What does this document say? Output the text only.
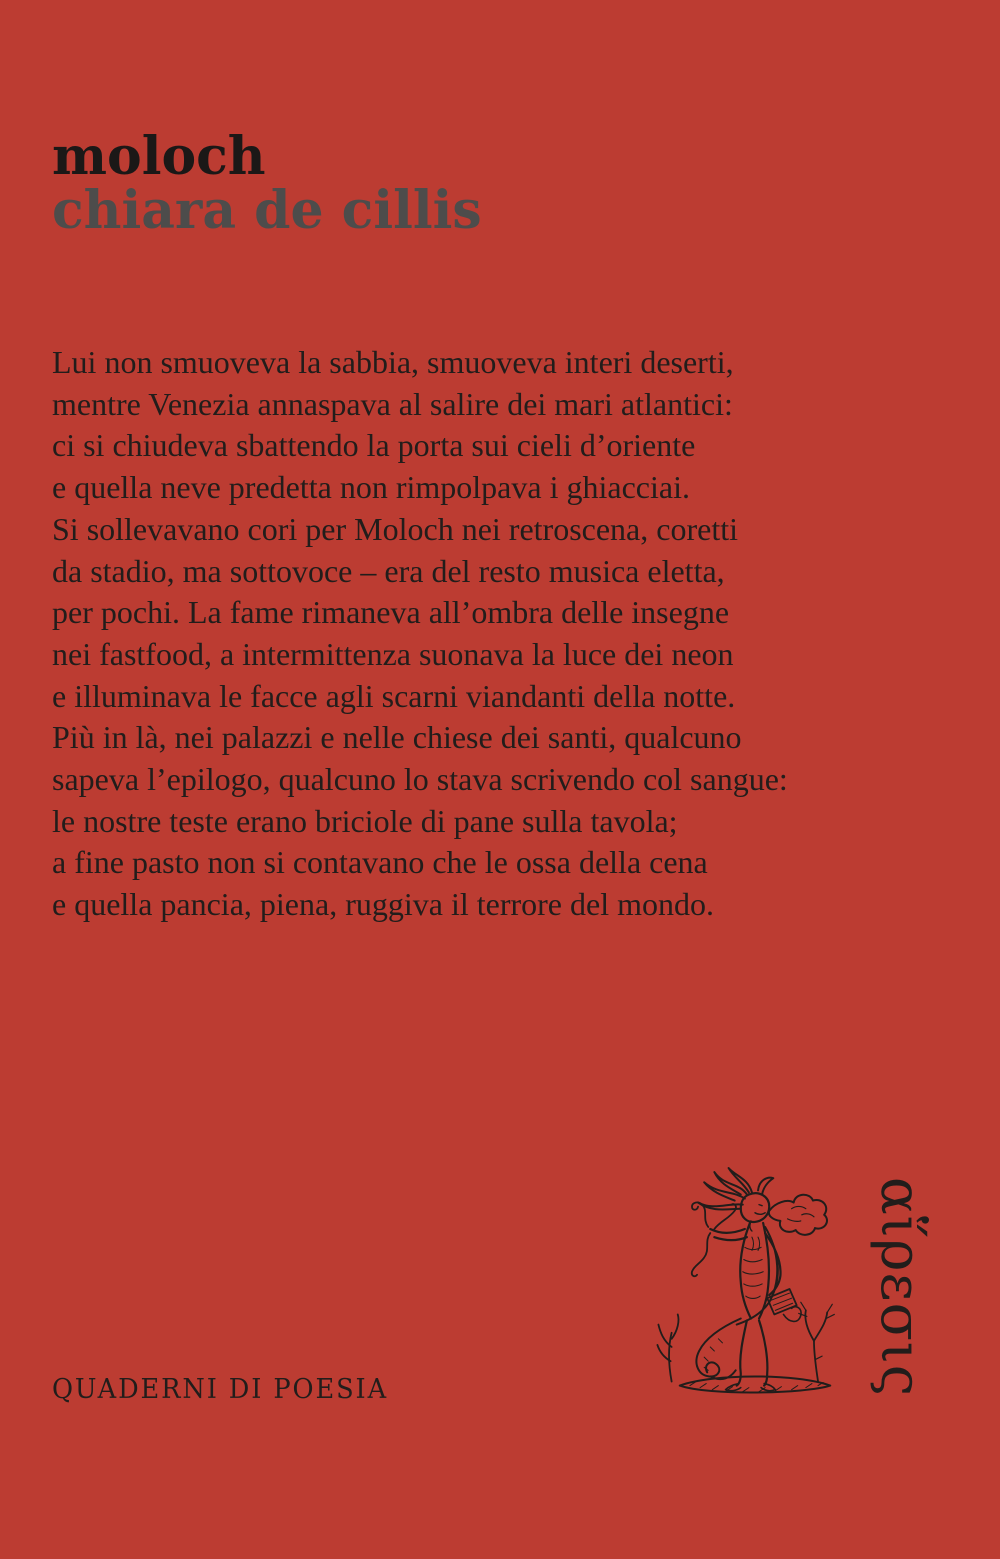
moloch
chiara de cillis
Lui non smuoveva la sabbia, smuoveva interi deserti,
mentre Venezia annaspava al salire dei mari atlantici:
ci si chiudeva sbattendo la porta sui cieli d’oriente
e quella neve predetta non rimpolpava i ghiacciai.
Si sollevavano cori per Moloch nei retroscena, coretti
da stadio, ma sottovoce – era del resto musica eletta,
per pochi. La fame rimaneva all’ombra delle insegne
nei fastfood, a intermittenza suonava la luce dei neon
e illuminava le facce agli scarni viandanti della notte.
Più in là, nei palazzi e nelle chiese dei santi, qualcuno
sapeva l’epilogo, qualcuno lo stava scrivendo col sangue:
le nostre teste erano briciole di pane sulla tavola;
a fine pasto non si contavano che le ossa della cena
e quella pancia, piena, ruggiva il terrore del mondo.
αἵρεσις
QUADERNI DI POESIA
